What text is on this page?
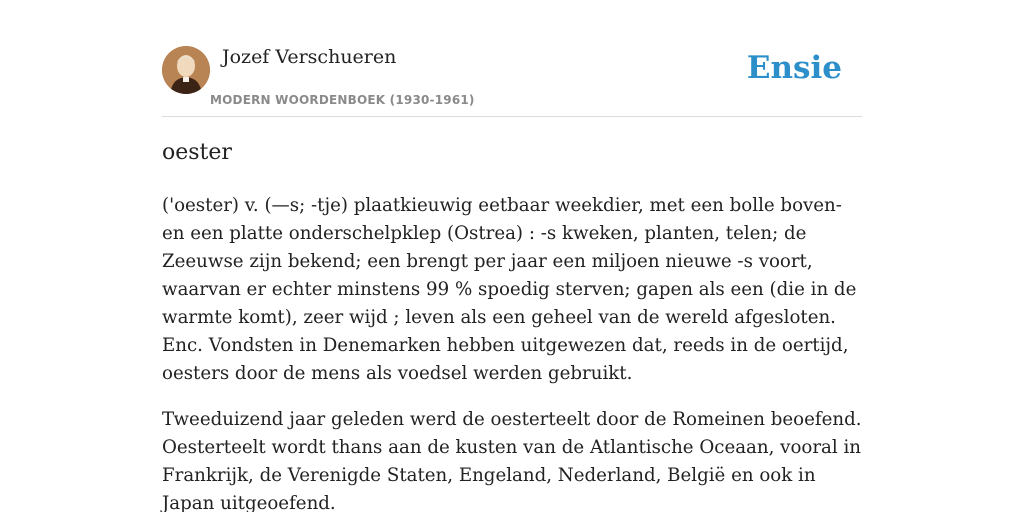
Jozef Verschueren
MODERN WOORDENBOEK (1930-1961)
Ensie
oester

('oester) v. (—s; -tje) plaatkieuwig eetbaar weekdier, met een bolle boven- en een platte onderschelpklep (Ostrea) : -s kweken, planten, telen; de Zeeuwse zijn bekend; een brengt per jaar een miljoen nieuwe -s voort, waarvan er echter minstens 99 % spoedig sterven; gapen als een (die in de warmte komt), zeer wijd ; leven als een geheel van de wereld afgesloten. Enc. Vondsten in Denemarken hebben uitgewezen dat, reeds in de oertijd, oesters door de mens als voedsel werden gebruikt.

Tweeduizend jaar geleden werd de oesterteelt door de Romeinen beoefend. Oesterteelt wordt thans aan de kusten van de Atlantische Oceaan, vooral in Frankrijk, de Verenigde Staten, Engeland, Nederland, België en ook in Japan uitgeoefend.
